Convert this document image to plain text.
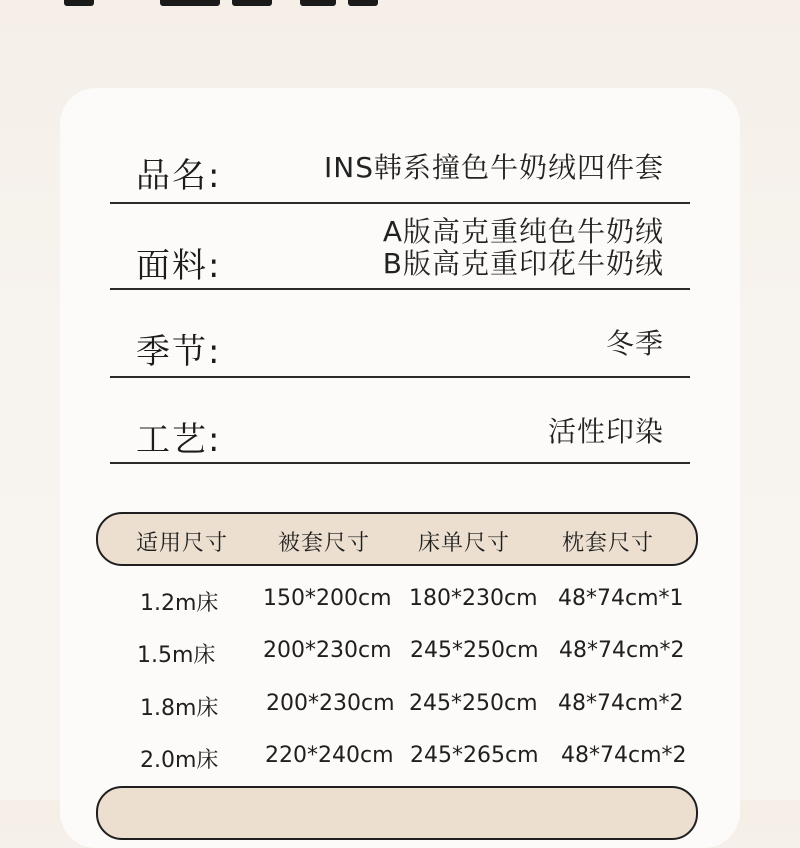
品名:	INS韩系撞色牛奶绒四件套
面料:
A版高克重纯色牛奶绒
B版高克重印花牛奶绒
季节:	冬季
工艺:	活性印染
适用尺寸 被套尺寸 床单尺寸 枕套尺寸
1.2m床 150*200cm 180*230cm 48*74cm*1
1.5m床 200*230cm 245*250cm 48*74cm*2
1.8m床 200*230cm 245*250cm 48*74cm*2
2.0m床 220*240cm 245*265cm 48*74cm*2
